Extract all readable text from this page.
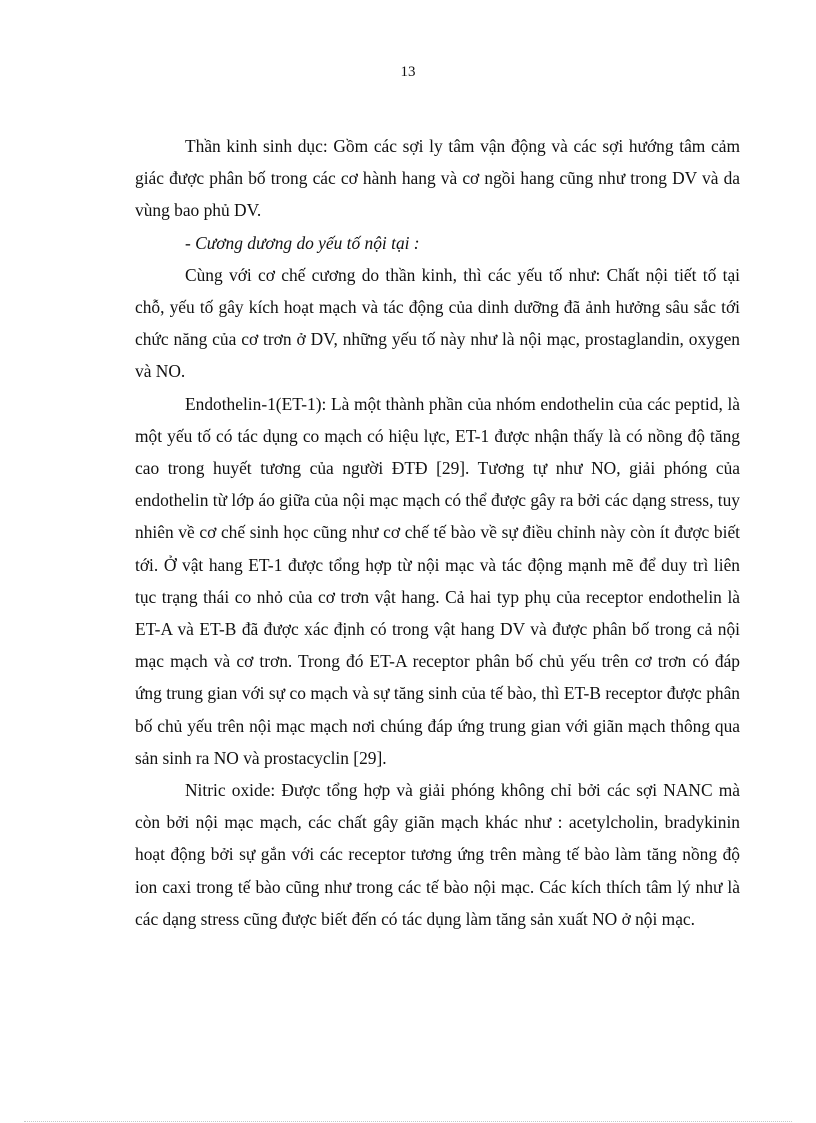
13

Thần kinh sinh dục: Gồm các sợi ly tâm vận động và các sợi hướng tâm cảm giác được phân bố trong các cơ hành hang và cơ ngồi hang cũng như trong DV và da vùng bao phủ DV.

- Cương dương do yếu tố nội tại :

Cùng với cơ chế cương do thần kinh, thì các yếu tố như: Chất nội tiết tố tại chỗ, yếu tố gây kích hoạt mạch và tác động của dinh dưỡng đã ảnh hưởng sâu sắc tới chức năng của cơ trơn ở DV, những yếu tố này như là nội mạc, prostaglandin, oxygen và NO.

Endothelin-1(ET-1): Là một thành phần của nhóm endothelin của các peptid, là một yếu tố có tác dụng co mạch có hiệu lực, ET-1 được nhận thấy là có nồng độ tăng cao trong huyết tương của người ĐTĐ [29]. Tương tự như NO, giải phóng của endothelin từ lớp áo giữa của nội mạc mạch có thể được gây ra bởi các dạng stress, tuy nhiên về cơ chế sinh học cũng như cơ chế tế bào về sự điều chỉnh này còn ít được biết tới. Ở vật hang ET-1 được tổng hợp từ nội mạc và tác động mạnh mẽ để duy trì liên tục trạng thái co nhỏ của cơ trơn vật hang. Cả hai typ phụ của receptor endothelin là ET-A và ET-B đã được xác định có trong vật hang DV và được phân bố trong cả nội mạc mạch và cơ trơn. Trong đó ET-A receptor phân bố chủ yếu trên cơ trơn có đáp ứng trung gian với sự co mạch và sự tăng sinh của tế bào, thì ET-B receptor được phân bố chủ yếu trên nội mạc mạch nơi chúng đáp ứng trung gian với giãn mạch thông qua sản sinh ra NO và prostacyclin [29].

Nitric oxide: Được tổng hợp và giải phóng không chỉ bởi các sợi NANC mà còn bởi nội mạc mạch, các chất gây giãn mạch khác như : acetylcholin, bradykinin hoạt động bởi sự gắn với các receptor tương ứng trên màng tế bào làm tăng nồng độ ion caxi trong tế bào cũng như trong các tế bào nội mạc. Các kích thích tâm lý như là các dạng stress cũng được biết đến có tác dụng làm tăng sản xuất NO ở nội mạc.
